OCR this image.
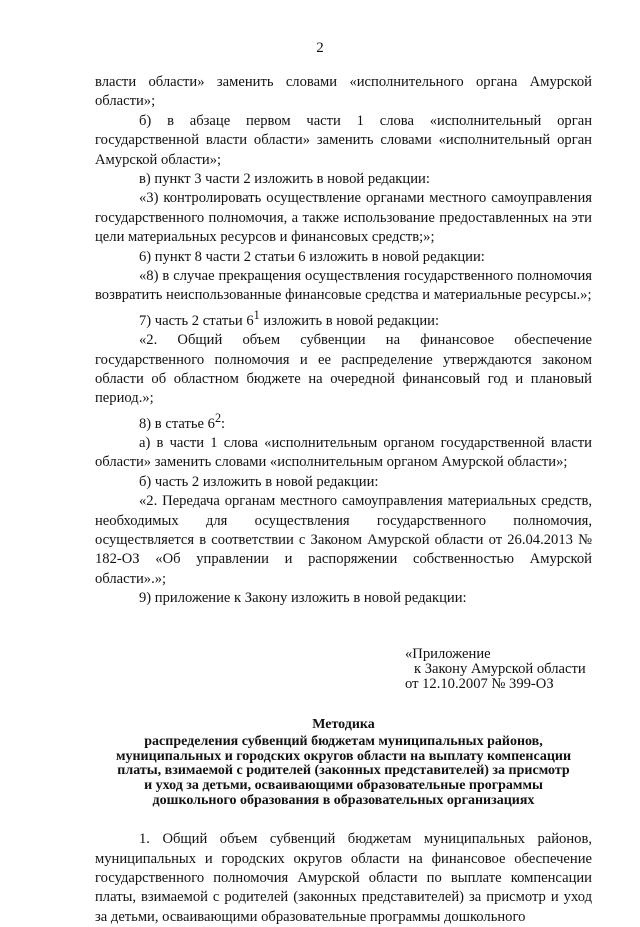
2

власти области» заменить словами «исполнительного органа Амурской области»;

б) в абзаце первом части 1 слова «исполнительный орган государственной власти области» заменить словами «исполнительный орган Амурской области»;

в) пункт 3 части 2 изложить в новой редакции:

«3) контролировать осуществление органами местного самоуправления государственного полномочия, а также использование предоставленных на эти цели материальных ресурсов и финансовых средств;»;

6) пункт 8 части 2 статьи 6 изложить в новой редакции:

«8) в случае прекращения осуществления государственного полномочия возвратить неиспользованные финансовые средства и материальные ресурсы.»;

7) часть 2 статьи $6^1$ изложить в новой редакции:

«2. Общий объем субвенции на финансовое обеспечение государственного полномочия и ее распределение утверждаются законом области об областном бюджете на очередной финансовый год и плановый период.»;

8) в статье $6^2$:

а) в части 1 слова «исполнительным органом государственной власти области» заменить словами «исполнительным органом Амурской области»;

б) часть 2 изложить в новой редакции:

«2. Передача органам местного самоуправления материальных средств, необходимых для осуществления государственного полномочия, осуществляется в соответствии с Законом Амурской области от 26.04.2013 № 182-ОЗ «Об управлении и распоряжении собственностью Амурской области».»;

9) приложение к Закону изложить в новой редакции:

«Приложение
к Закону Амурской области
от 12.10.2007 № 399-ОЗ
Методика
распределения субвенций бюджетам муниципальных районов,
муниципальных и городских округов области на выплату компенсации
платы, взимаемой с родителей (законных представителей) за присмотр
и уход за детьми, осваивающими образовательные программы
дошкольного образования в образовательных организациях

1. Общий объем субвенций бюджетам муниципальных районов, муниципальных и городских округов области на финансовое обеспечение государственного полномочия Амурской области по выплате компенсации платы, взимаемой с родителей (законных представителей) за присмотр и уход за детьми, осваивающими образовательные программы дошкольного
